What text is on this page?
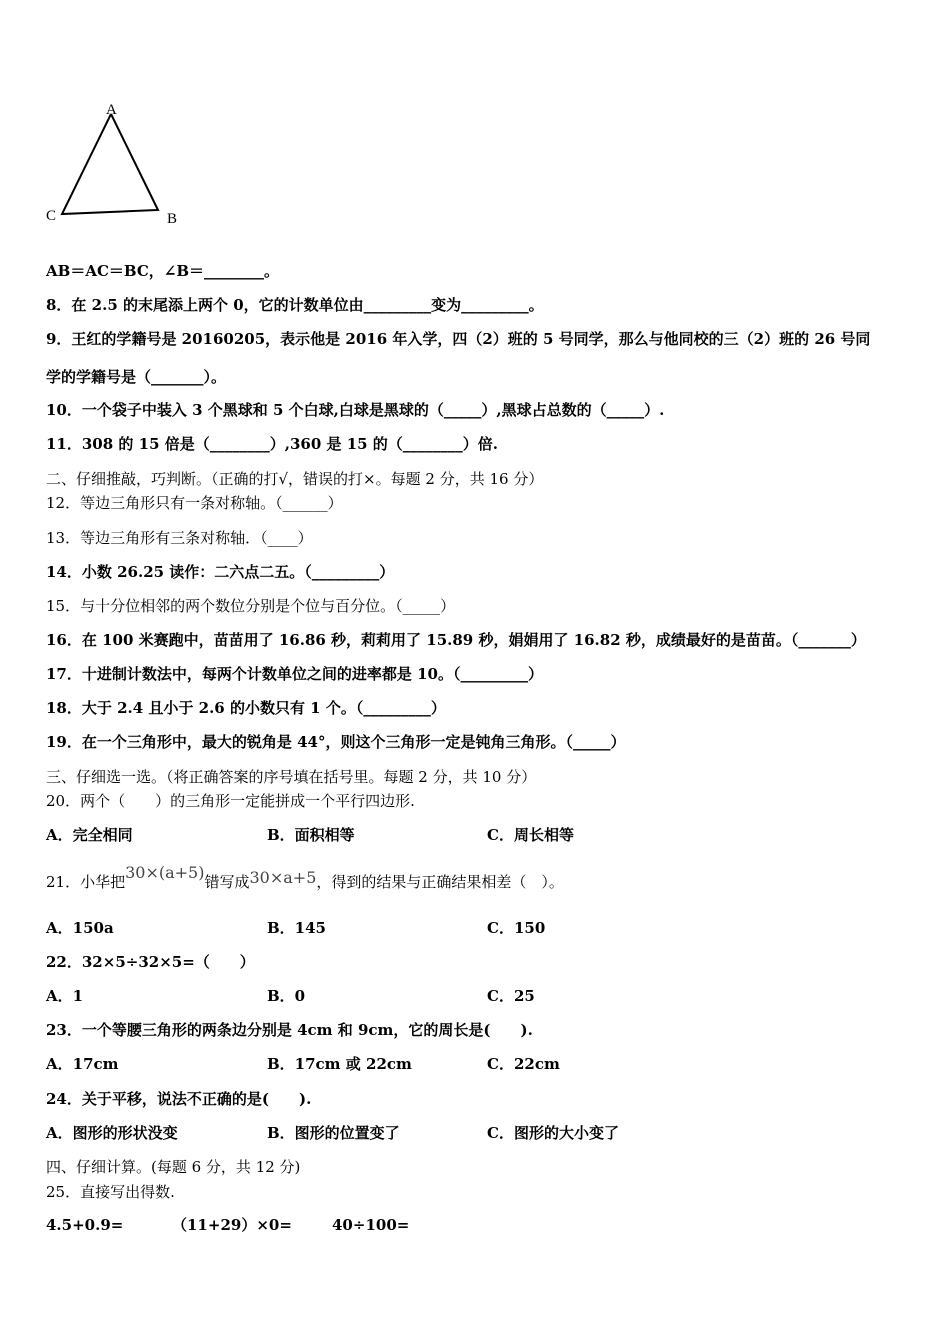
A
B
C
AB＝AC＝BC，∠B＝________。
8．在 2.5 的末尾添上两个 0，它的计数单位由_________变为_________。
9．王红的学籍号是 20160205，表示他是 2016 年入学，四（2）班的 5 号同学，那么与他同校的三（2）班的 26 号同
学的学籍号是（_______）。
10．一个袋子中装入 3 个黑球和 5 个白球,白球是黑球的（_____）,黑球占总数的（_____）.
11．308 的 15 倍是（________）,360 是 15 的（________）倍.
二、仔细推敲，巧判断。（正确的打√，错误的打×。每题 2 分，共 16 分）
12．等边三角形只有一条对称轴。（______）
13．等边三角形有三条对称轴．（____）
14．小数 26.25 读作：二六点二五。（_________）
15．与十分位相邻的两个数位分别是个位与百分位。（_____）
16．在 100 米赛跑中，苗苗用了 16.86 秒，莉莉用了 15.89 秒，娟娟用了 16.82 秒，成绩最好的是苗苗。（_______）
17．十进制计数法中，每两个计数单位之间的进率都是 10。（_________）
18．大于 2.4 且小于 2.6 的小数只有 1 个。（_________）
19．在一个三角形中，最大的锐角是 44°，则这个三角形一定是钝角三角形。（_____）
三、仔细选一选。（将正确答案的序号填在括号里。每题 2 分，共 10 分）
20．两个（　　）的三角形一定能拼成一个平行四边形.
A．完全相同	B．面积相等	C．周长相等
21．小华把30×(a+5)错写成30×a+5，得到的结果与正确结果相差（　）。
A．150a	B．145	C．150
22．32×5÷32×5=（　　）
A．1	B．0	C．25
23．一个等腰三角形的两条边分别是 4cm 和 9cm，它的周长是(　　).
A．17cm	B．17cm 或 22cm	C．22cm
24．关于平移，说法不正确的是(　　).
A．图形的形状没变	B．图形的位置变了	C．图形的大小变了
四、仔细计算。(每题 6 分，共 12 分)
25．直接写出得数.
4.5+0.9=	（11+29）×0=	40÷100=
